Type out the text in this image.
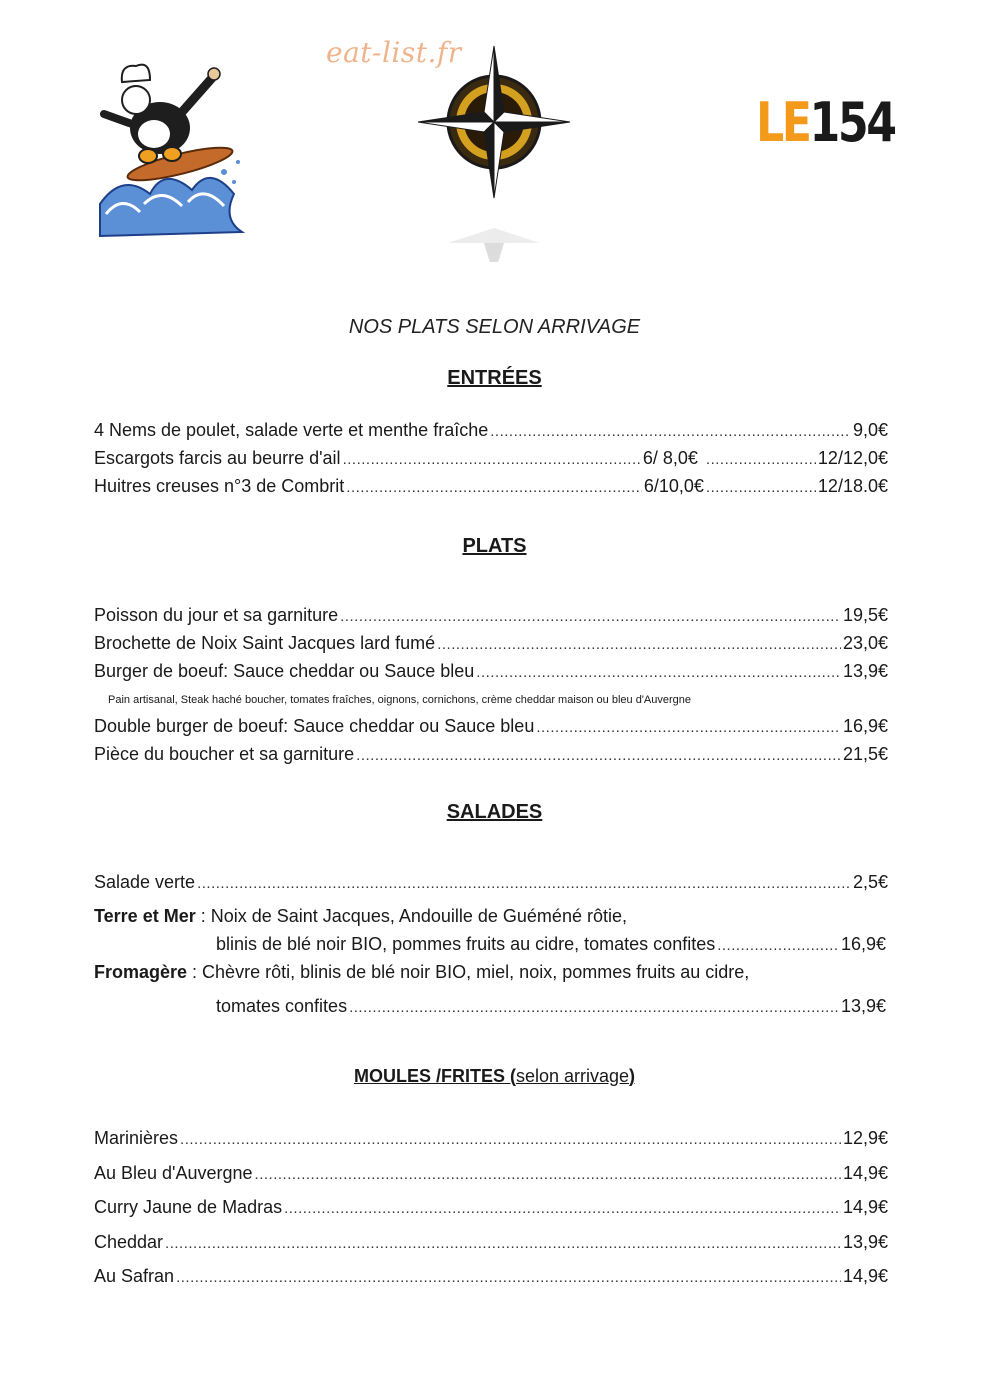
eat-list.fr
LE154
NOS PLATS SELON ARRIVAGE
ENTRÉES
4 Nems de poulet, salade verte et menthe fraîche .....	9,0€
Escargots farcis au beurre d'ail .....	6/ 8,0€ .....	12/12,0€
Huitres creuses n°3 de Combrit .....	6/10,0€ .....	12/18.0€
PLATS
Poisson du jour et sa garniture .....	19,5€
Brochette de Noix Saint Jacques lard fumé .....	23,0€
Burger de boeuf: Sauce cheddar ou Sauce bleu .....	13,9€
Pain artisanal, Steak haché boucher, tomates fraîches, oignons, cornichons, crème cheddar maison ou bleu d'Auvergne
Double burger de boeuf: Sauce cheddar ou Sauce bleu .....	16,9€
Pièce du boucher et sa garniture .....	21,5€
SALADES
Salade verte .....	2,5€
Terre et Mer : Noix de Saint Jacques, Andouille de Guéméné rôtie,
blinis de blé noir BIO, pommes fruits au cidre, tomates confites .....	16,9€
Fromagère : Chèvre rôti, blinis de blé noir BIO, miel, noix, pommes fruits au cidre,
tomates confites .....	13,9€
MOULES /FRITES (selon arrivage)
Marinières .....	12,9€
Au Bleu d'Auvergne .....	14,9€
Curry Jaune de Madras .....	14,9€
Cheddar .....	13,9€
Au Safran .....	14,9€
